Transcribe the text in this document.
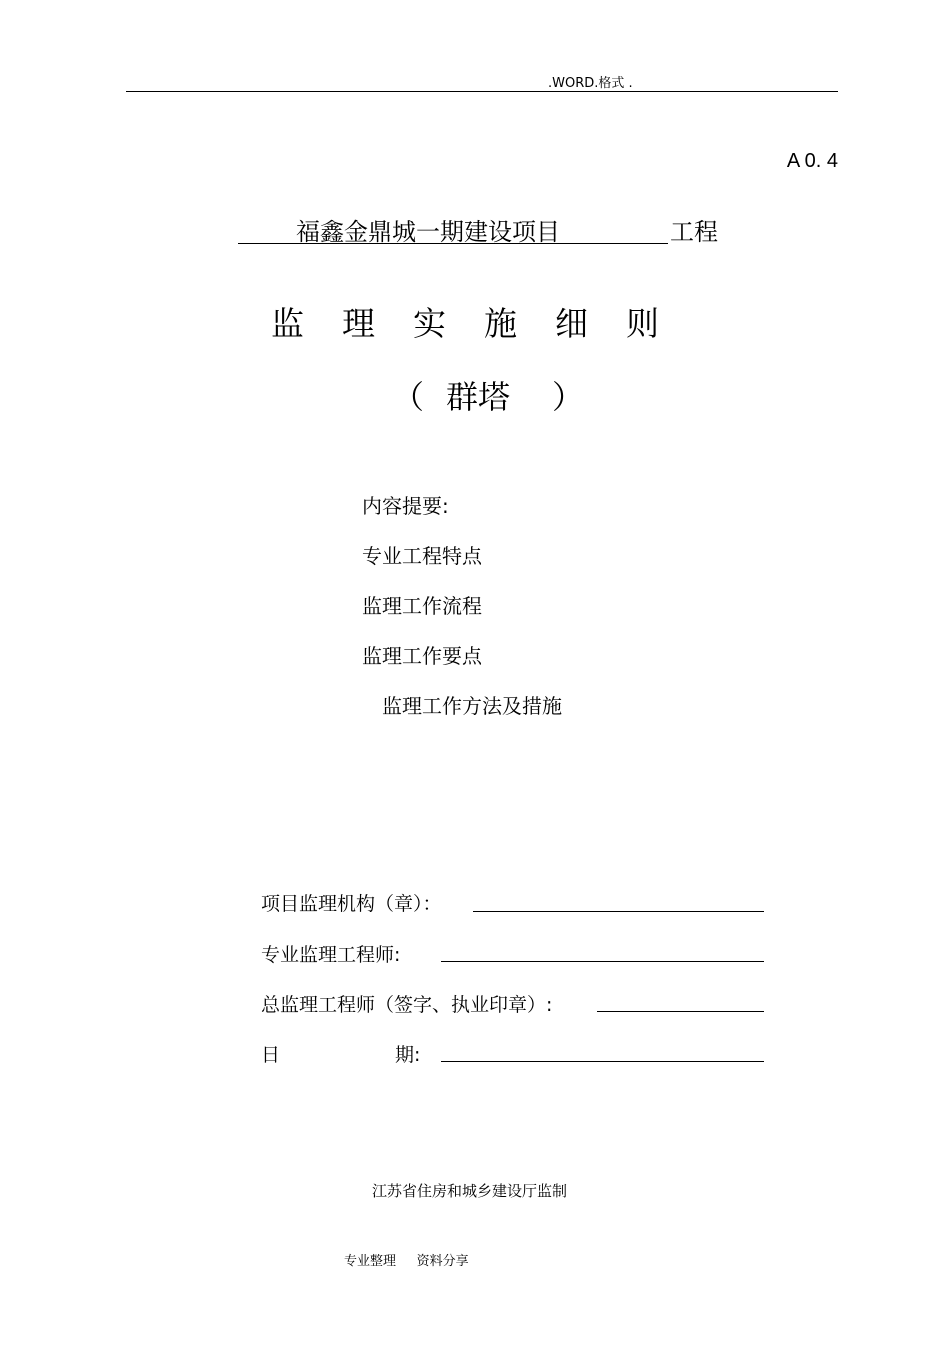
.WORD.格式 .
A 0. 4
福鑫金鼎城一期建设项目	工程
监理实施细则
（ 群塔 ）
内容提要:
专业工程特点
监理工作流程
监理工作要点
监理工作方法及措施
项目监理机构（章）：
专业监理工程师:
总监理工程师（签字、执业印章）:
日	期:
江苏省住房和城乡建设厅监制
专业整理     资料分享
